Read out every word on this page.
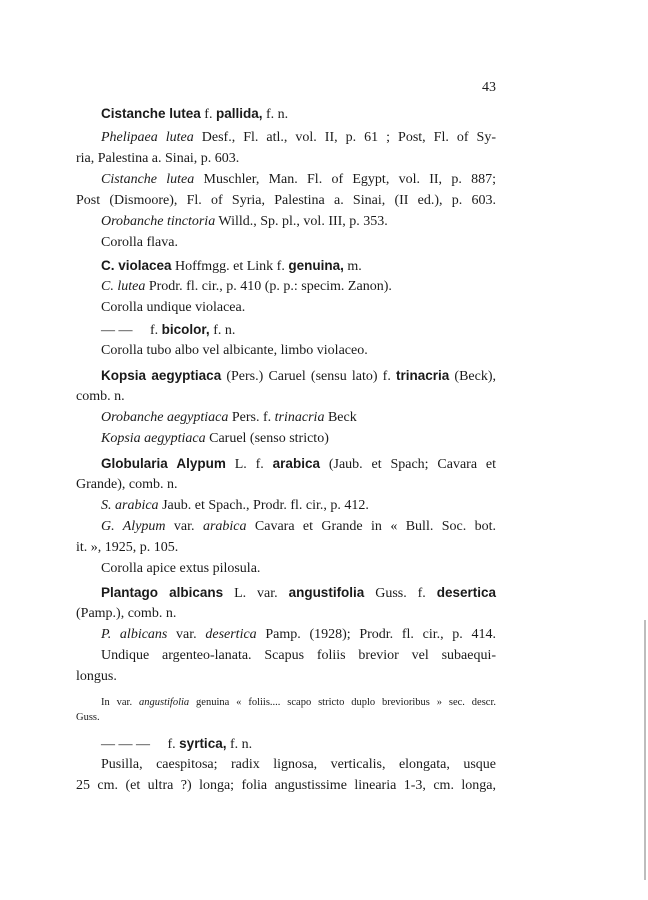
43
Cistanche lutea f. pallida, f. n.
Phelipaea lutea Desf., Fl. atl., vol. II, p. 61 ; Post, Fl. of Sy-
ria, Palestina a. Sinai, p. 603.
Cistanche lutea Muschler, Man. Fl. of Egypt, vol. II, p. 887;
Post (Dismoore), Fl. of Syria, Palestina a. Sinai, (II ed.), p. 603.
Orobanche tinctoria Willd., Sp. pl., vol. III, p. 353.
Corolla flava.
C. violacea Hoffmgg. et Link f. genuina, m.
C. lutea Prodr. fl. cir., p. 410 (p. p.: specim. Zanon).
Corolla undique violacea.
— — f. bicolor, f. n.
Corolla tubo albo vel albicante, limbo violaceo.
Kopsia aegyptiaca (Pers.) Caruel (sensu lato) f. trinacria (Beck),
comb. n.
Orobanche aegyptiaca Pers. f. trinacria Beck
Kopsia aegyptiaca Caruel (senso stricto)
Globularia Alypum L. f. arabica (Jaub. et Spach; Cavara et
Grande), comb. n.
S. arabica Jaub. et Spach., Prodr. fl. cir., p. 412.
G. Alypum var. arabica Cavara et Grande in « Bull. Soc. bot.
it. », 1925, p. 105.
Corolla apice extus pilosula.
Plantago albicans L. var. angustifolia Guss. f. desertica
(Pamp.), comb. n.
P. albicans var. desertica Pamp. (1928); Prodr. fl. cir., p. 414.
Undique argenteo-lanata. Scapus foliis brevior vel subaequi-
longus.
In var. angustifolia genuina « foliis.... scapo stricto duplo brevioribus » sec. descr.
Guss.
— — — f. syrtica, f. n.
Pusilla, caespitosa; radix lignosa, verticalis, elongata, usque
25 cm. (et ultra ?) longa; folia angustissime linearia 1-3, cm. longa,
